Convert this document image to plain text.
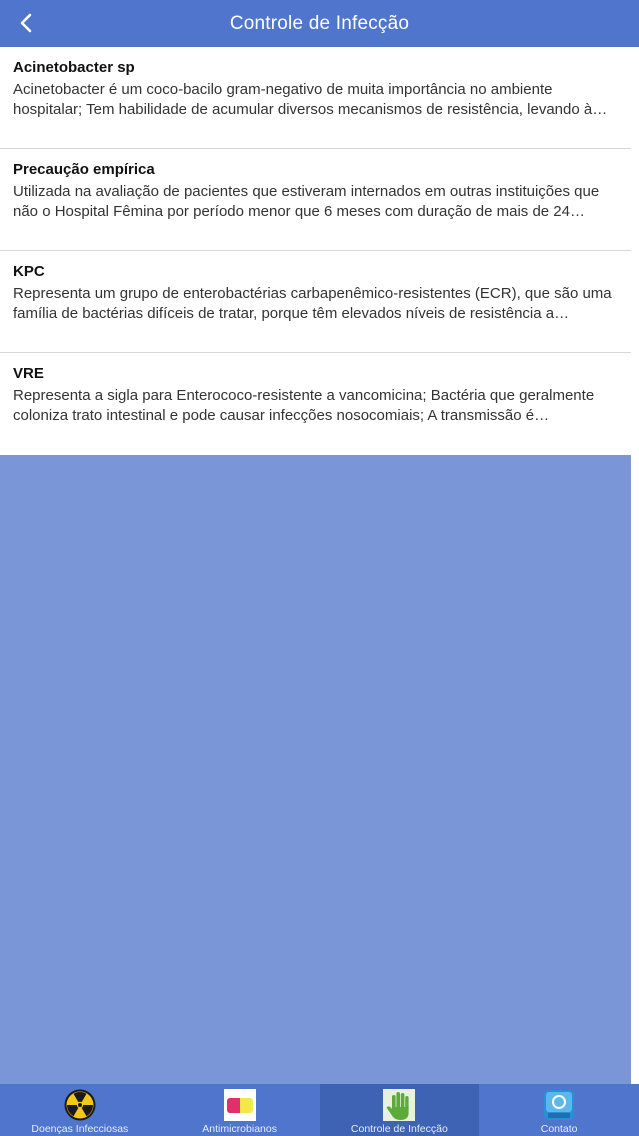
Controle de Infecção
Acinetobacter sp
Acinetobacter é um coco-bacilo gram-negativo de muita importância no ambiente hospitalar; Tem habilidade de acumular diversos mecanismos de resistência, levando à…
Precaução empírica
Utilizada na avaliação de pacientes que estiveram internados em outras instituições que não o Hospital Fêmina por período menor que 6 meses com duração de mais de 24…
KPC
Representa um grupo de enterobactérias carbapenêmico-resistentes (ECR), que são uma família de bactérias difíceis de tratar, porque têm elevados níveis de resistência a…
VRE
Representa a sigla para Enterococo-resistente a vancomicina; Bactéria que geralmente coloniza trato intestinal e pode causar infecções nosocomiais; A transmissão é…
Doenças Infecciosas	Antimicrobianos	Controle de Infecção	Contato
